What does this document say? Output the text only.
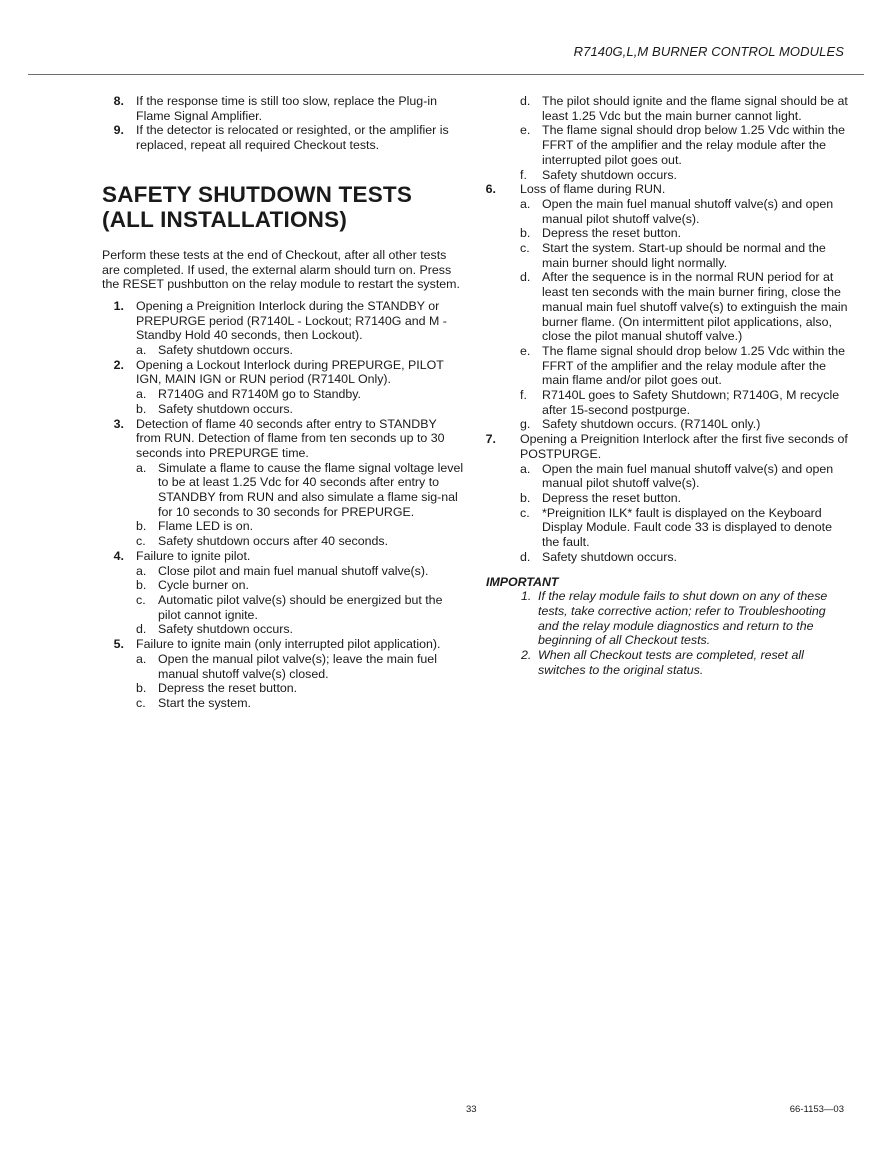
R7140G,L,M BURNER CONTROL MODULES
8. If the response time is still too slow, replace the Plug-in Flame Signal Amplifier.
9. If the detector is relocated or resighted, or the amplifier is replaced, repeat all required Checkout tests.
SAFETY SHUTDOWN TESTS
(ALL INSTALLATIONS)
Perform these tests at the end of Checkout, after all other tests are completed. If used, the external alarm should turn on. Press the RESET pushbutton on the relay module to restart the system.
1. Opening a Preignition Interlock during the STANDBY or PREPURGE period (R7140L - Lockout; R7140G and M - Standby Hold 40 seconds, then Lockout).
a. Safety shutdown occurs.
2. Opening a Lockout Interlock during PREPURGE, PILOT IGN, MAIN IGN or RUN period (R7140L Only).
a. R7140G and R7140M go to Standby.
b. Safety shutdown occurs.
3. Detection of flame 40 seconds after entry to STANDBY from RUN. Detection of flame from ten seconds up to 30 seconds into PREPURGE time.
a. Simulate a flame to cause the flame signal voltage level to be at least 1.25 Vdc for 40 seconds after entry to STANDBY from RUN and also simulate a flame sig-nal for 10 seconds to 30 seconds for PREPURGE.
b. Flame LED is on.
c. Safety shutdown occurs after 40 seconds.
4. Failure to ignite pilot.
a. Close pilot and main fuel manual shutoff valve(s).
b. Cycle burner on.
c. Automatic pilot valve(s) should be energized but the pilot cannot ignite.
d. Safety shutdown occurs.
5. Failure to ignite main (only interrupted pilot application).
a. Open the manual pilot valve(s); leave the main fuel manual shutoff valve(s) closed.
b. Depress the reset button.
c. Start the system.
d. The pilot should ignite and the flame signal should be at least 1.25 Vdc but the main burner cannot light.
e. The flame signal should drop below 1.25 Vdc within the FFRT of the amplifier and the relay module after the interrupted pilot goes out.
f. Safety shutdown occurs.
6. Loss of flame during RUN.
a. Open the main fuel manual shutoff valve(s) and open manual pilot shutoff valve(s).
b. Depress the reset button.
c. Start the system. Start-up should be normal and the main burner should light normally.
d. After the sequence is in the normal RUN period for at least ten seconds with the main burner firing, close the manual main fuel shutoff valve(s) to extinguish the main burner flame. (On intermittent pilot applications, also, close the pilot manual shutoff valve.)
e. The flame signal should drop below 1.25 Vdc within the FFRT of the amplifier and the relay module after the main flame and/or pilot goes out.
f. R7140L goes to Safety Shutdown; R7140G, M recycle after 15-second postpurge.
g. Safety shutdown occurs. (R7140L only.)
7. Opening a Preignition Interlock after the first five seconds of POSTPURGE.
a. Open the main fuel manual shutoff valve(s) and open manual pilot shutoff valve(s).
b. Depress the reset button.
c. *Preignition ILK* fault is displayed on the Keyboard Display Module. Fault code 33 is displayed to denote the fault.
d. Safety shutdown occurs.
IMPORTANT
1. If the relay module fails to shut down on any of these tests, take corrective action; refer to Troubleshooting and the relay module diagnostics and return to the beginning of all Checkout tests.
2. When all Checkout tests are completed, reset all switches to the original status.
33	66-1153—03
